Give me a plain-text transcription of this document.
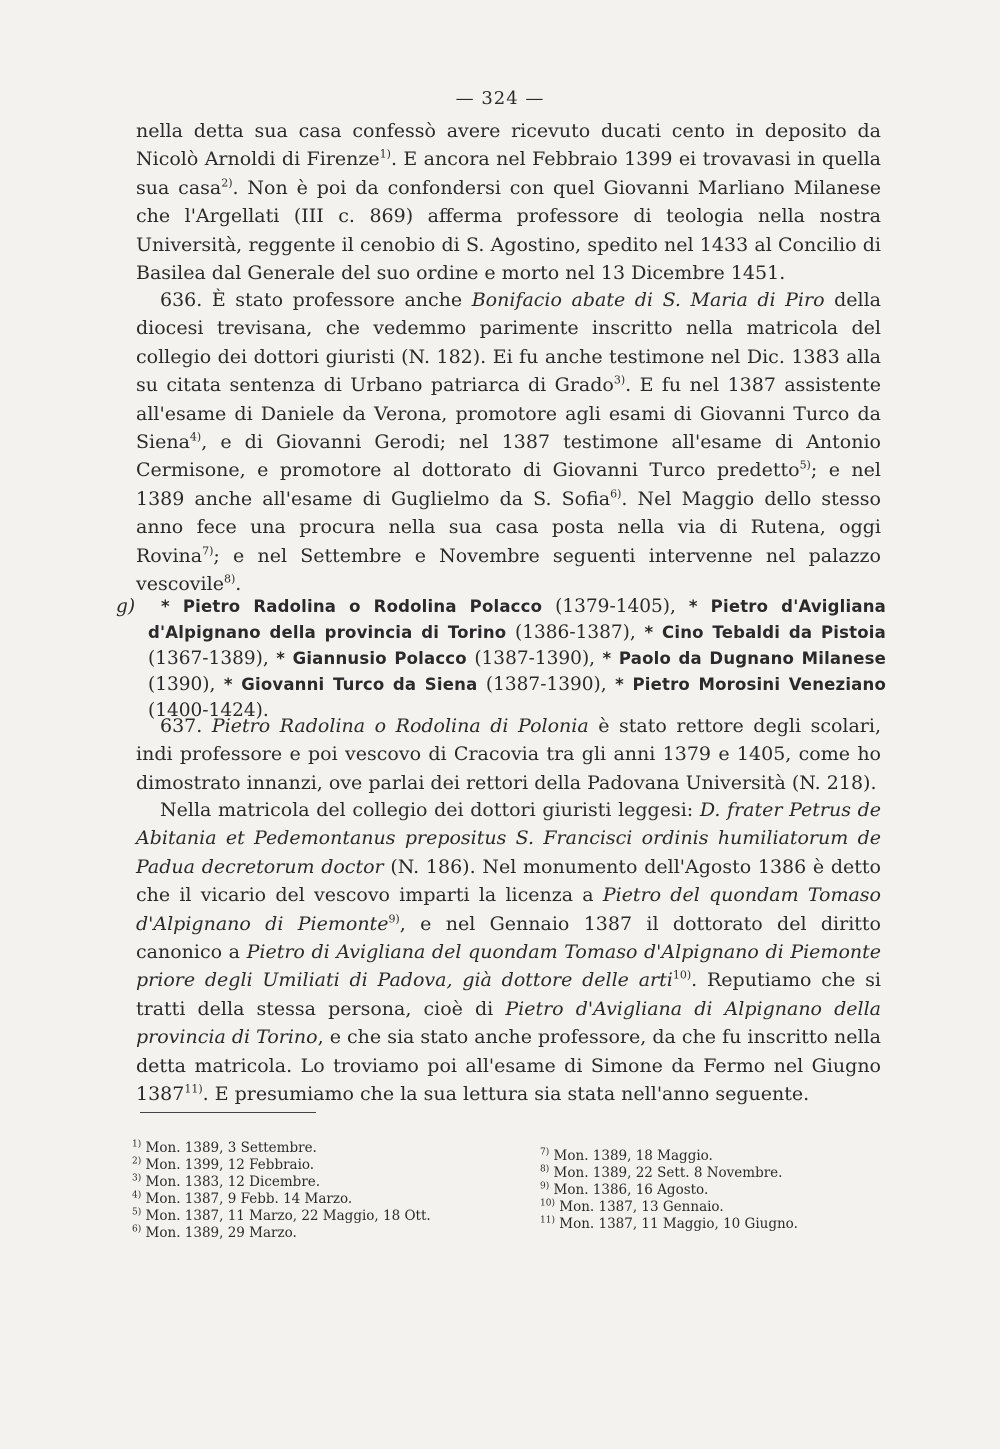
— 324 —

nella detta sua casa confessò avere ricevuto ducati cento in deposito da Nicolò Arnoldi di Firenze$^{1)}$. E ancora nel Febbraio 1399 ei trovavasi in quella sua casa$^{2)}$. Non è poi da confondersi con quel Giovanni Marliano Milanese che l'Argellati (III c. 869) afferma professore di teologia nella nostra Università, reggente il cenobio di S. Agostino, spedito nel 1433 al Concilio di Basilea dal Generale del suo ordine e morto nel 13 Dicembre 1451.

636. È stato professore anche Bonifacio abate di S. Maria di Piro della diocesi trevisana, che vedemmo parimente inscritto nella matricola del collegio dei dottori giuristi (N. 182). Ei fu anche testimone nel Dic. 1383 alla su citata sentenza di Urbano patriarca di Grado$^{3)}$. E fu nel 1387 assistente all'esame di Daniele da Verona, promotore agli esami di Giovanni Turco da Siena$^{4)}$, e di Giovanni Gerodi; nel 1387 testimone all'esame di Antonio Cermisone, e promotore al dottorato di Giovanni Turco predetto$^{5)}$; e nel 1389 anche all'esame di Guglielmo da S. Sofia$^{6)}$. Nel Maggio dello stesso anno fece una procura nella sua casa posta nella via di Rutena, oggi Rovina$^{7)}$; e nel Settembre e Novembre seguenti intervenne nel palazzo vescovile$^{8)}$.

g) * Pietro Radolina o Rodolina Polacco (1379-1405), * Pietro d'Avigliana d'Alpignano della provincia di Torino (1386-1387), * Cino Tebaldi da Pistoia (1367-1389), * Giannusio Polacco (1387-1390), * Paolo da Dugnano Milanese (1390), * Giovanni Turco da Siena (1387-1390), * Pietro Morosini Veneziano (1400-1424).

637. Pietro Radolina o Rodolina di Polonia è stato rettore degli scolari, indi professore e poi vescovo di Cracovia tra gli anni 1379 e 1405, come ho dimostrato innanzi, ove parlai dei rettori della Padovana Università (N. 218).

Nella matricola del collegio dei dottori giuristi leggesi: D. frater Petrus de Abitania et Pedemontanus prepositus S. Francisci ordinis humiliatorum de Padua decretorum doctor (N. 186). Nel monumento dell'Agosto 1386 è detto che il vicario del vescovo imparti la licenza a Pietro del quondam Tomaso d'Alpignano di Piemonte$^{9)}$, e nel Gennaio 1387 il dottorato del diritto canonico a Pietro di Avigliana del quondam Tomaso d'Alpignano di Piemonte priore degli Umiliati di Padova, già dottore delle arti$^{10)}$. Reputiamo che si tratti della stessa persona, cioè di Pietro d'Avigliana di Alpignano della provincia di Torino, e che sia stato anche professore, da che fu inscritto nella detta matricola. Lo troviamo poi all'esame di Simone da Fermo nel Giugno 1387$^{11)}$. E presumiamo che la sua lettura sia stata nell'anno seguente.

$^{1)}$ Mon. 1389, 3 Settembre.
$^{2)}$ Mon. 1399, 12 Febbraio.
$^{3)}$ Mon. 1383, 12 Dicembre.
$^{4)}$ Mon. 1387, 9 Febb. 14 Marzo.
$^{5)}$ Mon. 1387, 11 Marzo, 22 Maggio, 18 Ott.
$^{6)}$ Mon. 1389, 29 Marzo.
$^{7)}$ Mon. 1389, 18 Maggio.
$^{8)}$ Mon. 1389, 22 Sett. 8 Novembre.
$^{9)}$ Mon. 1386, 16 Agosto.
$^{10)}$ Mon. 1387, 13 Gennaio.
$^{11)}$ Mon. 1387, 11 Maggio, 10 Giugno.
